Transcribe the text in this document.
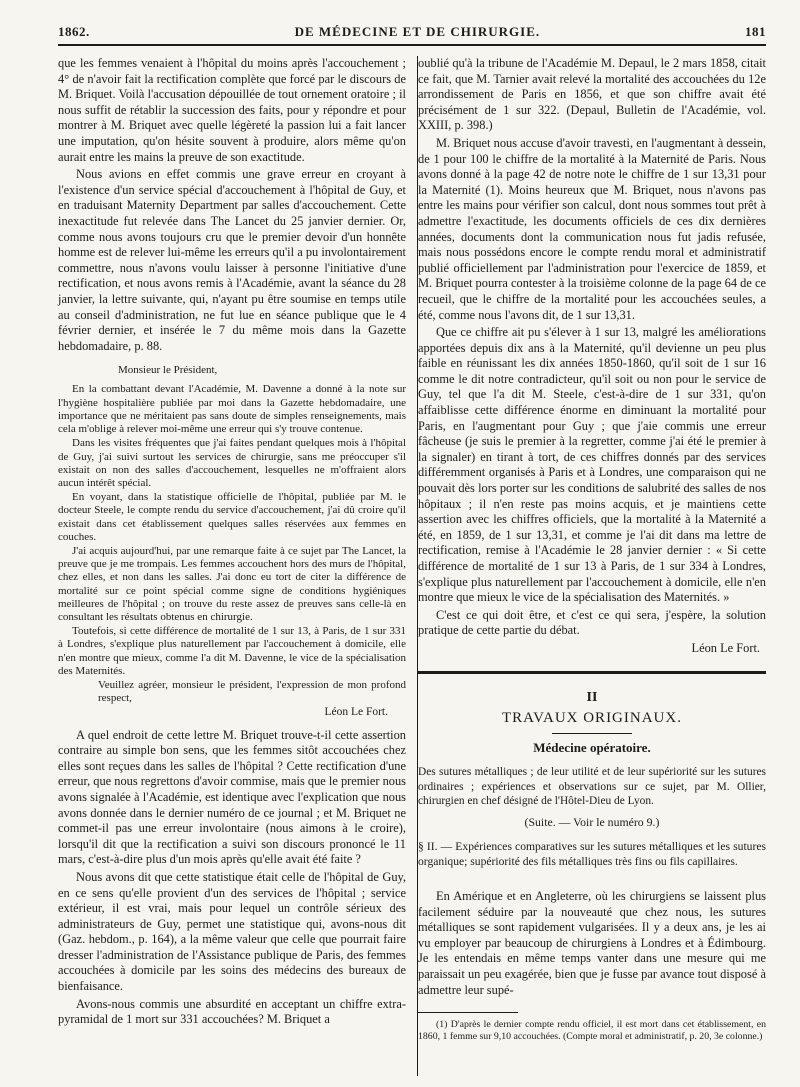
1862.	DE MÉDECINE ET DE CHIRURGIE.	181

que les femmes venaient à l'hôpital du moins après l'accouchement ; 4° de n'avoir fait la rectification complète que forcé par le discours de M. Briquet. Voilà l'accusation dépouillée de tout ornement oratoire ; il nous suffit de rétablir la succession des faits, pour y répondre et pour montrer à M. Briquet avec quelle légèreté la passion lui a fait lancer une imputation, qu'on hésite souvent à produire, alors même qu'on aurait entre les mains la preuve de son exactitude.

Nous avions en effet commis une grave erreur en croyant à l'existence d'un service spécial d'accouchement à l'hôpital de Guy, et en traduisant Maternity Department par salles d'accouchement. Cette inexactitude fut relevée dans The Lancet du 25 janvier dernier. Or, comme nous avons toujours cru que le premier devoir d'un honnête homme est de relever lui-même les erreurs qu'il a pu involontairement commettre, nous n'avons voulu laisser à personne l'initiative d'une rectification, et nous avons remis à l'Académie, avant la séance du 28 janvier, la lettre suivante, qui, n'ayant pu être soumise en temps utile au conseil d'administration, ne fut lue en séance publique que le 4 février dernier, et insérée le 7 du même mois dans la Gazette hebdomadaire, p. 88.

Monsieur le Président,

En la combattant devant l'Académie, M. Davenne a donné à la note sur l'hygiène hospitalière publiée par moi dans la Gazette hebdomadaire, une importance que ne méritaient pas sans doute de simples renseignements, mais cela m'oblige à relever moi-même une erreur qui s'y trouve contenue.

Dans les visites fréquentes que j'ai faites pendant quelques mois à l'hôpital de Guy, j'ai suivi surtout les services de chirurgie, sans me préoccuper s'il existait on non des salles d'accouchement, lesquelles ne m'offraient alors aucun intérêt spécial.

En voyant, dans la statistique officielle de l'hôpital, publiée par M. le docteur Steele, le compte rendu du service d'accouchement, j'ai dû croire qu'il existait dans cet établissement quelques salles réservées aux femmes en couches.

J'ai acquis aujourd'hui, par une remarque faite à ce sujet par The Lancet, la preuve que je me trompais. Les femmes accouchent hors des murs de l'hôpital, chez elles, et non dans les salles. J'ai donc eu tort de citer la différence de mortalité sur ce point spécial comme signe de conditions hygiéniques meilleures de l'hôpital ; on trouve du reste assez de preuves sans celle-là en consultant les résultats obtenus en chirurgie.

Toutefois, si cette différence de mortalité de 1 sur 13, à Paris, de 1 sur 331 à Londres, s'explique plus naturellement par l'accouchement à domicile, elle n'en montre que mieux, comme l'a dit M. Davenne, le vice de la spécialisation des Maternités.

Veuillez agréer, monsieur le président, l'expression de mon profond respect,

Léon Le Fort.

A quel endroit de cette lettre M. Briquet trouve-t-il cette assertion contraire au simple bon sens, que les femmes sitôt accouchées chez elles sont reçues dans les salles de l'hôpital ? Cette rectification d'une erreur, que nous regrettons d'avoir commise, mais que le premier nous avons signalée à l'Académie, est identique avec l'explication que nous avons donnée dans le dernier numéro de ce journal ; et M. Briquet ne commet-il pas une erreur involontaire (nous aimons à le croire), lorsqu'il dit que la rectification a suivi son discours prononcé le 11 mars, c'est-à-dire plus d'un mois après qu'elle avait été faite ?

Nous avons dit que cette statistique était celle de l'hôpital de Guy, en ce sens qu'elle provient d'un des services de l'hôpital ; service extérieur, il est vrai, mais pour lequel un contrôle sérieux des administrateurs de Guy, permet une statistique qui, avons-nous dit (Gaz. hebdom., p. 164), a la même valeur que celle que pourrait faire dresser l'administration de l'Assistance publique de Paris, des femmes accouchées à domicile par les soins des médecins des bureaux de bienfaisance.

Avons-nous commis une absurdité en acceptant un chiffre extra-pyramidal de 1 mort sur 331 accouchées? M. Briquet a

oublié qu'à la tribune de l'Académie M. Depaul, le 2 mars 1858, citait ce fait, que M. Tarnier avait relevé la mortalité des accouchées du 12e arrondissement de Paris en 1856, et que son chiffre avait été précisément de 1 sur 322. (Depaul, Bulletin de l'Académie, vol. XXIII, p. 398.)

M. Briquet nous accuse d'avoir travesti, en l'augmentant à dessein, de 1 pour 100 le chiffre de la mortalité à la Maternité de Paris. Nous avons donné à la page 42 de notre note le chiffre de 1 sur 13,31 pour la Maternité (1). Moins heureux que M. Briquet, nous n'avons pas entre les mains pour vérifier son calcul, dont nous sommes tout prêt à admettre l'exactitude, les documents officiels de ces dix dernières années, documents dont la communication nous fut jadis refusée, mais nous possédons encore le compte rendu moral et administratif publié officiellement par l'administration pour l'exercice de 1859, et M. Briquet pourra contester à la troisième colonne de la page 64 de ce recueil, que le chiffre de la mortalité pour les accouchées seules, a été, comme nous l'avons dit, de 1 sur 13,31.

Que ce chiffre ait pu s'élever à 1 sur 13, malgré les améliorations apportées depuis dix ans à la Maternité, qu'il devienne un peu plus faible en réunissant les dix années 1850-1860, qu'il soit de 1 sur 16 comme le dit notre contradicteur, qu'il soit ou non pour le service de Guy, tel que l'a dit M. Steele, c'est-à-dire de 1 sur 331, qu'on affaiblisse cette différence énorme en diminuant la mortalité pour Paris, en l'augmentant pour Guy ; que j'aie commis une erreur fâcheuse (je suis le premier à la regretter, comme j'ai été le premier à la signaler) en tirant à tort, de ces chiffres donnés par des services différemment organisés à Paris et à Londres, une comparaison qui ne pouvait dès lors porter sur les conditions de salubrité des salles de nos hôpitaux ; il n'en reste pas moins acquis, et je maintiens cette assertion avec les chiffres officiels, que la mortalité à la Maternité a été, en 1859, de 1 sur 13,31, et comme je l'ai dit dans ma lettre de rectification, remise à l'Académie le 28 janvier dernier : « Si cette différence de mortalité de 1 sur 13 à Paris, de 1 sur 334 à Londres, s'explique plus naturellement par l'accouchement à domicile, elle n'en montre que mieux le vice de la spécialisation des Maternités. »

C'est ce qui doit être, et c'est ce qui sera, j'espère, la solution pratique de cette partie du débat.

Léon Le Fort.

II
TRAVAUX ORIGINAUX.
Médecine opératoire.

Des sutures métalliques ; de leur utilité et de leur supériorité sur les sutures ordinaires ; expériences et observations sur ce sujet, par M. Ollier, chirurgien en chef désigné de l'Hôtel-Dieu de Lyon.

(Suite. — Voir le numéro 9.)

§ II. — Expériences comparatives sur les sutures métalliques et les sutures organique; supériorité des fils métalliques très fins ou fils capillaires.

En Amérique et en Angleterre, où les chirurgiens se laissent plus facilement séduire par la nouveauté que chez nous, les sutures métalliques se sont rapidement vulgarisées. Il y a deux ans, je les ai vu employer par beaucoup de chirurgiens à Londres et à Édimbourg. Je les entendais en même temps vanter dans une mesure qui me paraissait un peu exagérée, bien que je fusse par avance tout disposé à admettre leur supé-

(1) D'après le dernier compte rendu officiel, il est mort dans cet établissement, en 1860, 1 femme sur 9,10 accouchées. (Compte moral et administratif, p. 20, 3e colonne.)
